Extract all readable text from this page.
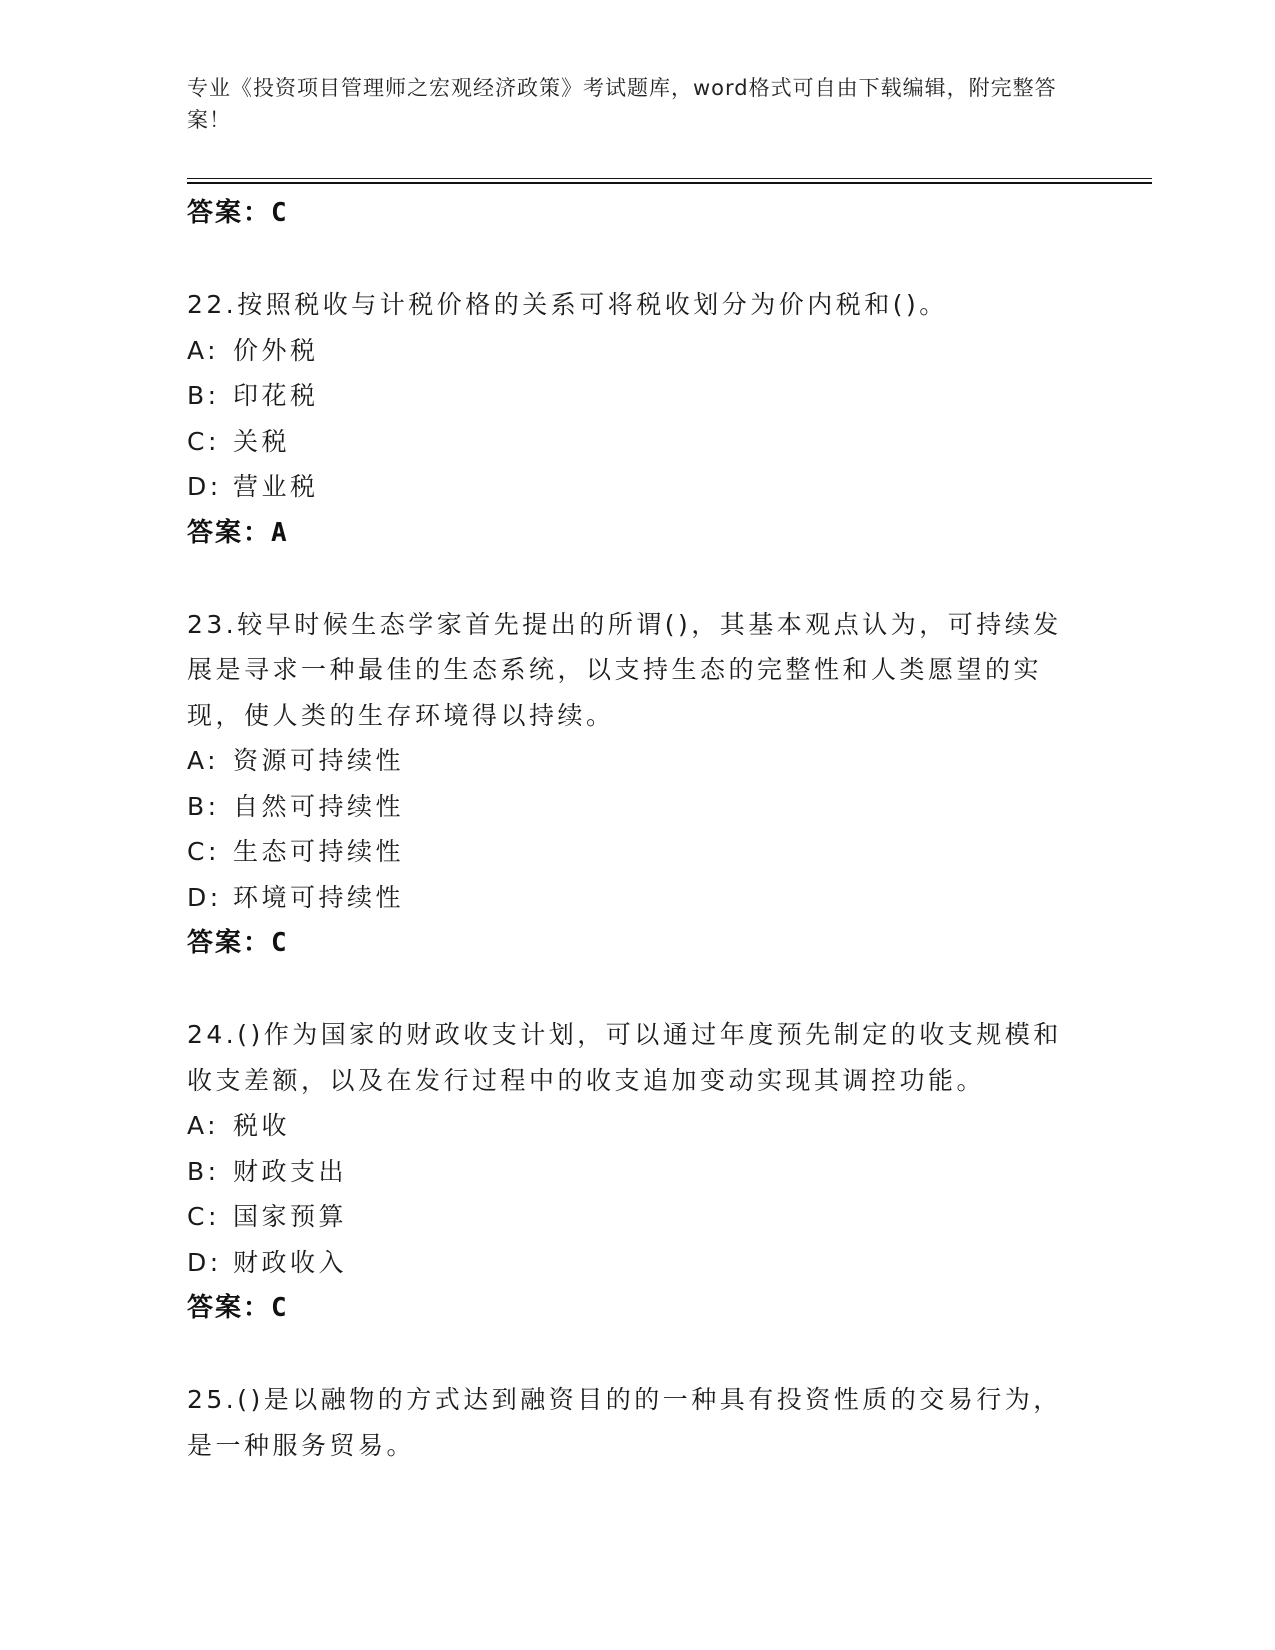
专业《投资项目管理师之宏观经济政策》考试题库，word格式可自由下载编辑，附完整答案！

答案：C

22.按照税收与计税价格的关系可将税收划分为价内税和()。

A: 价外税

B: 印花税

C: 关税

D: 营业税

答案：A

23.较早时候生态学家首先提出的所谓()，其基本观点认为，可持续发展是寻求一种最佳的生态系统，以支持生态的完整性和人类愿望的实现，使人类的生存环境得以持续。

A: 资源可持续性

B: 自然可持续性

C: 生态可持续性

D: 环境可持续性

答案：C

24.()作为国家的财政收支计划，可以通过年度预先制定的收支规模和收支差额，以及在发行过程中的收支追加变动实现其调控功能。

A: 税收

B: 财政支出

C: 国家预算

D: 财政收入

答案：C

25.()是以融物的方式达到融资目的的一种具有投资性质的交易行为，是一种服务贸易。
